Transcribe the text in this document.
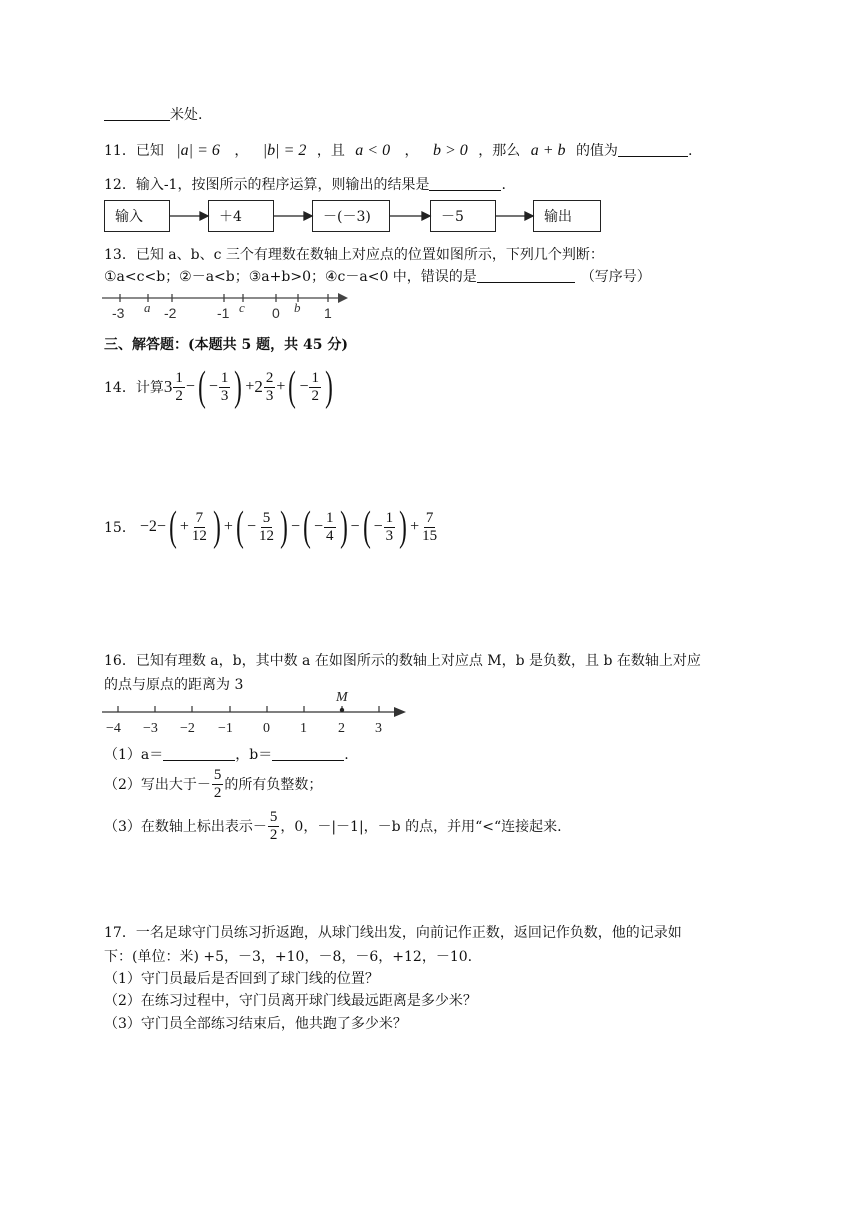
米处.
11．已知 |a| = 6 ， |b| = 2 ，且 a < 0 ， b > 0 ，那么 a + b 的值为	.
12．输入-1，按图所示的程序运算，则输出的结果是	.
输入	＋4	－(－3)	－5	输出
13．已知 a、b、c 三个有理数在数轴上对应点的位置如图所示，下列几个判断：
①a<c<b；②－a<b；③a+b>0；④c－a<0 中，错误的是	（写序号）
-3	-2	-1	0	1
a	c	b
三、解答题：(本题共 5 题，共 45 分)
14．计算 $3 \frac{1}{2}$ − ( − $\frac{1}{3}$ ) + $2 \frac{2}{3}$ + ( − $\frac{1}{2}$ )
15． −2− ( + $\frac{7}{12}$ ) + ( − $\frac{5}{12}$ ) − ( − $\frac{1}{4}$ ) − ( − $\frac{1}{3}$ ) + $\frac{7}{15}$
16．已知有理数 a，b，其中数 a 在如图所示的数轴上对应点 M，b 是负数，且 b 在数轴上对应
的点与原点的距离为 3
M
−4 −3 −2 −1 0 1 2 3
（1）a＝	，b＝	.
（2）写出大于－ $\frac{5}{2}$ 的所有负整数；
（3）在数轴上标出表示－ $\frac{5}{2}$ ，0，－|－1|，－b 的点，并用“<“连接起来.
17．一名足球守门员练习折返跑，从球门线出发，向前记作正数，返回记作负数，他的记录如
下：(单位：米) +5，－3，+10，－8，－6，+12，－10.
（1）守门员最后是否回到了球门线的位置？
（2）在练习过程中，守门员离开球门线最远距离是多少米？
（3）守门员全部练习结束后，他共跑了多少米？
